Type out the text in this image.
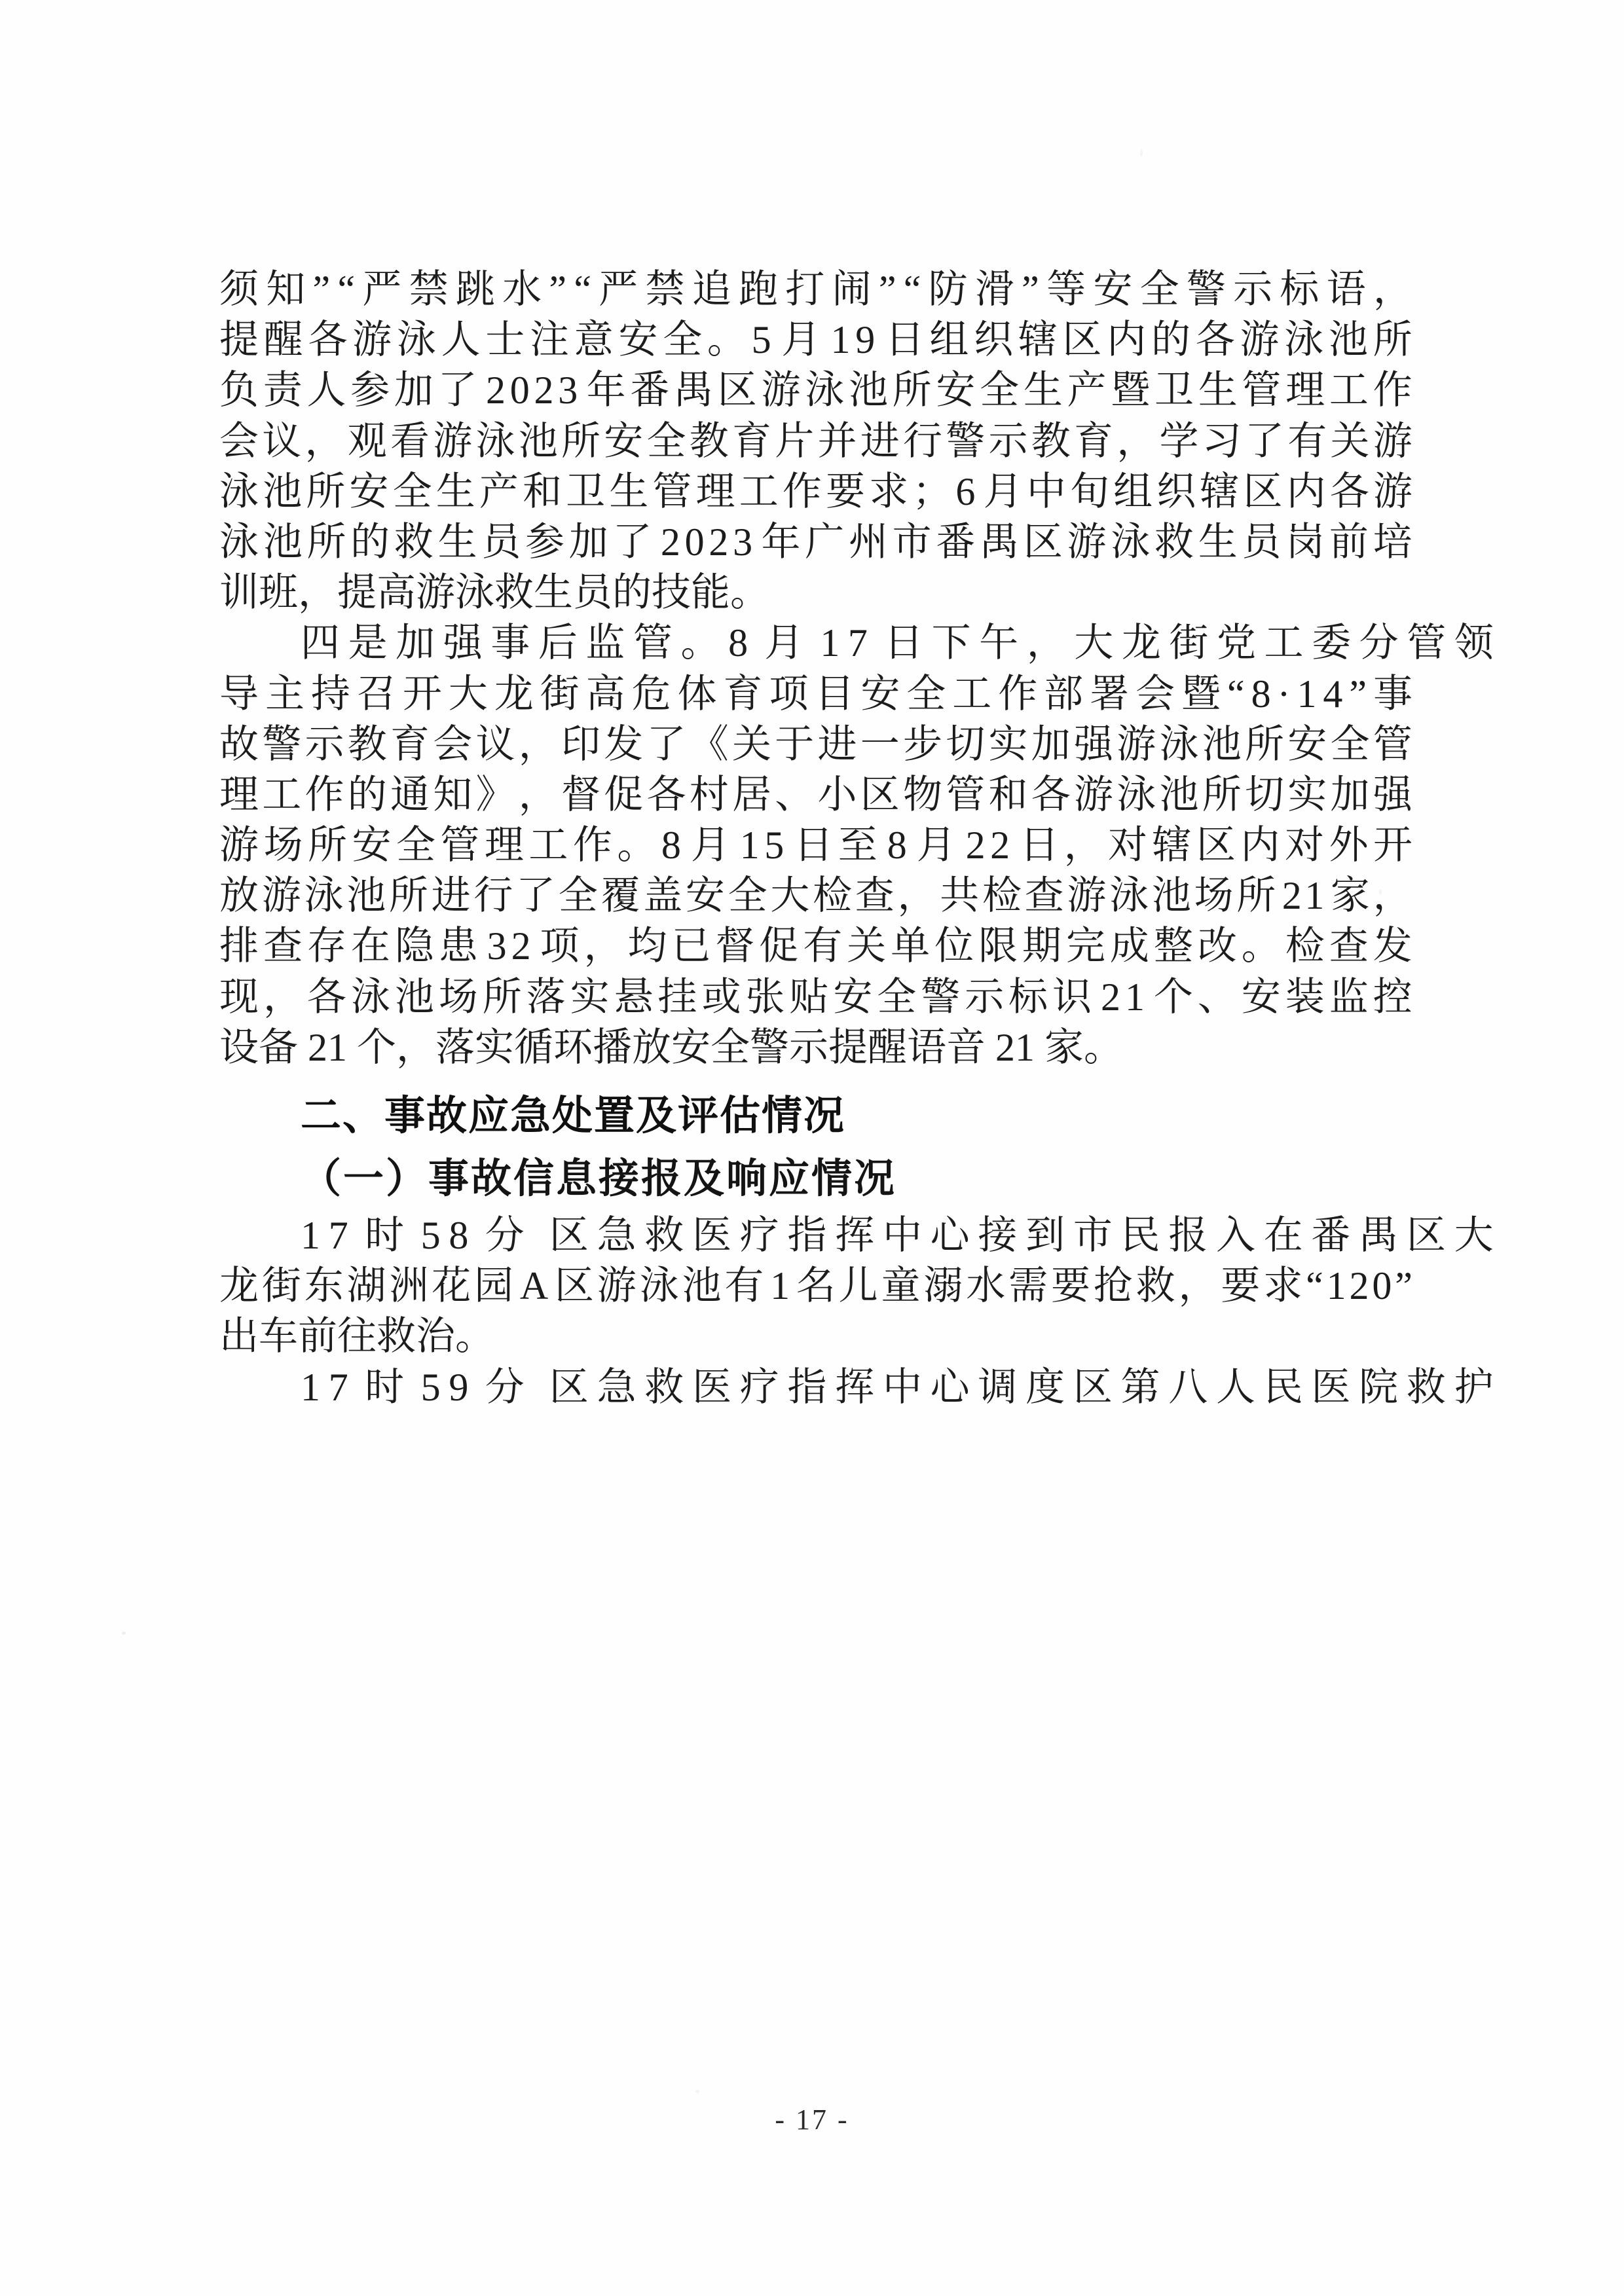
须 知 ” “ 严 禁 跳 水 ” “ 严 禁 追 跑 打 闹 ” “ 防 滑 ” 等 安 全 警 示 标 语 ，
提 醒 各 游 泳 人 士 注 意 安 全 。 5 月 1 9 日 组 织 辖 区 内 的 各 游 泳 池 所
负 责 人 参 加 了 2 0 2 3 年 番 禺 区 游 泳 池 所 安 全 生 产 暨 卫 生 管 理 工 作
会 议 ， 观 看 游 泳 池 所 安 全 教 育 片 并 进 行 警 示 教 育 ， 学 习 了 有 关 游
泳 池 所 安 全 生 产 和 卫 生 管 理 工 作 要 求 ； 6 月 中 旬 组 织 辖 区 内 各 游
泳 池 所 的 救 生 员 参 加 了 2 0 2 3 年 广 州 市 番 禺 区 游 泳 救 生 员 岗 前 培
训班，提高游泳救生员的技能。
四 是 加 强 事 后 监 管 。 8 月 1 7 日 下 午 ， 大 龙 街 党 工 委 分 管 领
导 主 持 召 开 大 龙 街 高 危 体 育 项 目 安 全 工 作 部 署 会 暨 “ 8 · 1 4 ” 事
故 警 示 教 育 会 议 ， 印 发 了 《 关 于 进 一 步 切 实 加 强 游 泳 池 所 安 全 管
理 工 作 的 通 知 》 ， 督 促 各 村 居 、 小 区 物 管 和 各 游 泳 池 所 切 实 加 强
游 场 所 安 全 管 理 工 作 。 8 月 1 5 日 至 8 月 2 2 日 ， 对 辖 区 内 对 外 开
放 游 泳 池 所 进 行 了 全 覆 盖 安 全 大 检 查 ， 共 检 查 游 泳 池 场 所 2 1 家 ，
排 查 存 在 隐 患 3 2 项 ， 均 已 督 促 有 关 单 位 限 期 完 成 整 改 。 检 查 发
现 ， 各 泳 池 场 所 落 实 悬 挂 或 张 贴 安 全 警 示 标 识 2 1 个 、 安 装 监 控
设备 21 个，落实循环播放安全警示提醒语音 21 家。
二、事故应急处置及评估情况
（一）事故信息接报及响应情况
1 7 时 5 8 分 区 急 救 医 疗 指 挥 中 心 接 到 市 民 报 入 在 番 禺 区 大
龙 街 东 湖 洲 花 园 A 区 游 泳 池 有 1 名 儿 童 溺 水 需 要 抢 救 ， 要 求 “ 1 2 0 ”
出车前往救治。
1 7 时 5 9 分 区 急 救 医 疗 指 挥 中 心 调 度 区 第 八 人 民 医 院 救 护
- 17 -
